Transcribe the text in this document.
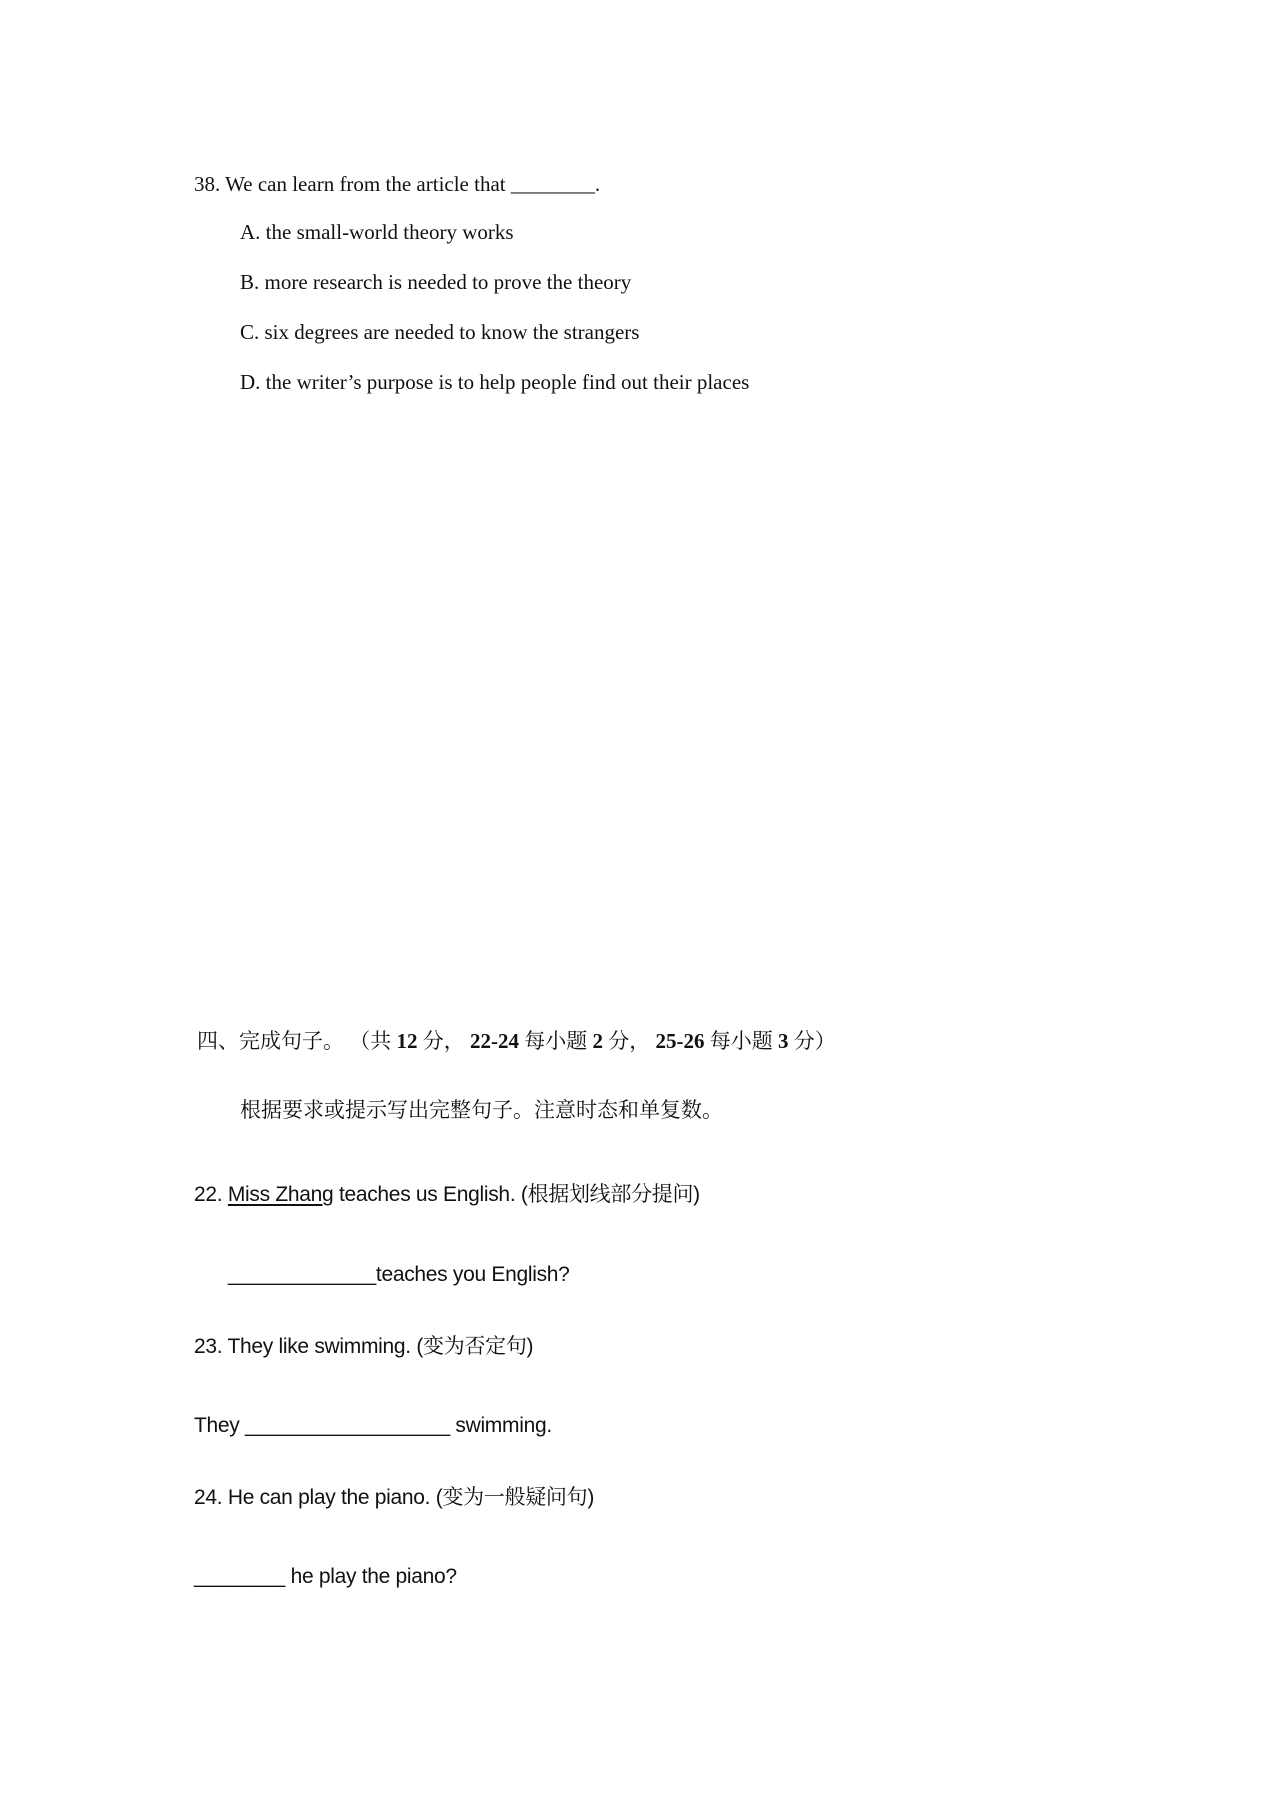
38. We can learn from the article that ________.
A. the small-world theory works
B. more research is needed to prove the theory
C. six degrees are needed to know the strangers
D. the writer’s purpose is to help people find out their places
四、完成句子。 （共 12 分， 22-24 每小题 2 分， 25-26 每小题 3 分）
根据要求或提示写出完整句子。注意时态和单复数。
22. Miss Zhang teaches us English. (根据划线部分提问)
_____________teaches you English?
23. They like swimming. (变为否定句)
They __________________ swimming.
24. He can play the piano. (变为一般疑问句)
________ he play the piano?
